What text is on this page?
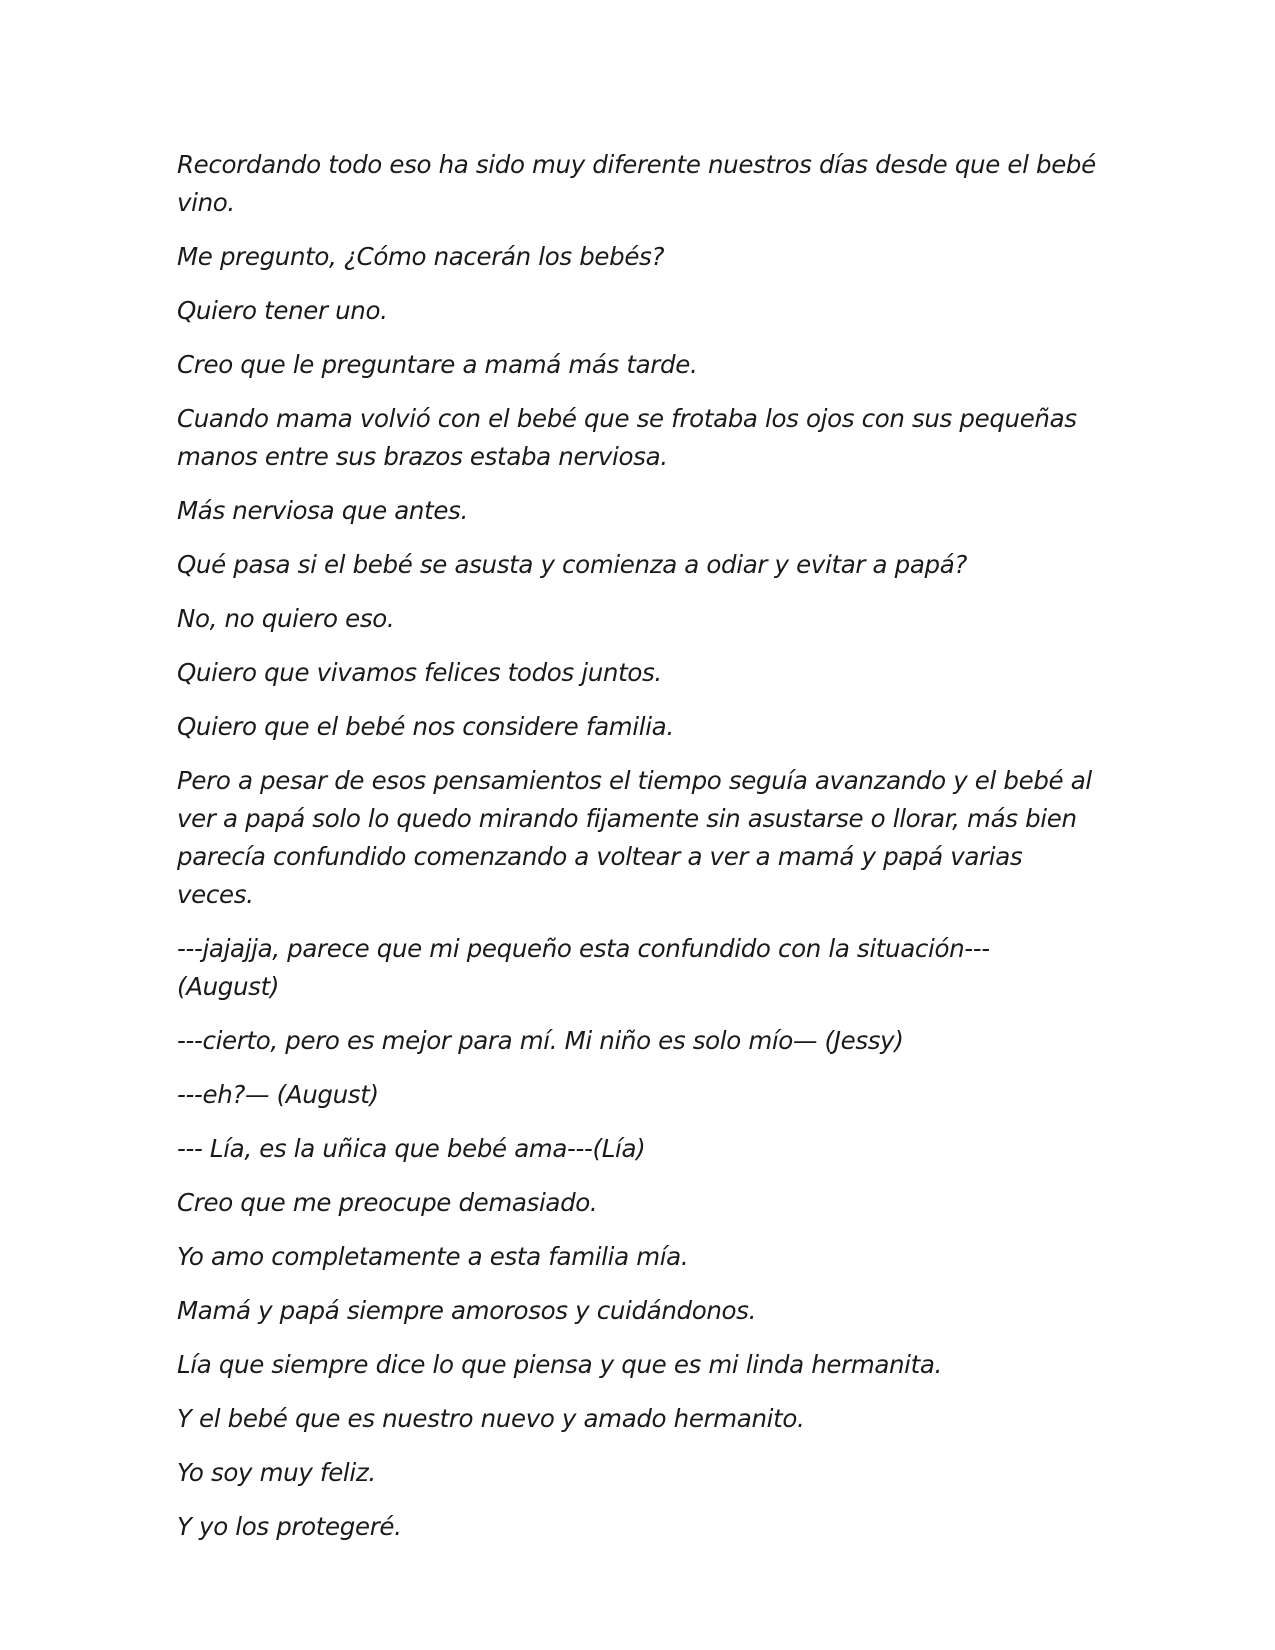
Recordando todo eso ha sido muy diferente nuestros días desde que el bebé vino.

Me pregunto, ¿Cómo nacerán los bebés?

Quiero tener uno.

Creo que le preguntare a mamá más tarde.

Cuando mama volvió con el bebé que se frotaba los ojos con sus pequeñas manos entre sus brazos estaba nerviosa.

Más nerviosa que antes.

Qué pasa si el bebé se asusta y comienza a odiar y evitar a papá?

No, no quiero eso.

Quiero que vivamos felices todos juntos.

Quiero que el bebé nos considere familia.

Pero a pesar de esos pensamientos el tiempo seguía avanzando y el bebé al ver a papá solo lo quedo mirando fijamente sin asustarse o llorar, más bien parecía confundido comenzando a voltear a ver a mamá y papá varias veces.

---jajajja, parece que mi pequeño esta confundido con la situación--- (August)

---cierto, pero es mejor para mí. Mi niño es solo mío— (Jessy)

---eh?— (August)

--- Lía, es la uñica que bebé ama---(Lía)

Creo que me preocupe demasiado.

Yo amo completamente a esta familia mía.

Mamá y papá siempre amorosos y cuidándonos.

Lía que siempre dice lo que piensa y que es mi linda hermanita.

Y el bebé que es nuestro nuevo y amado hermanito.

Yo soy muy feliz.

Y yo los protegeré.
